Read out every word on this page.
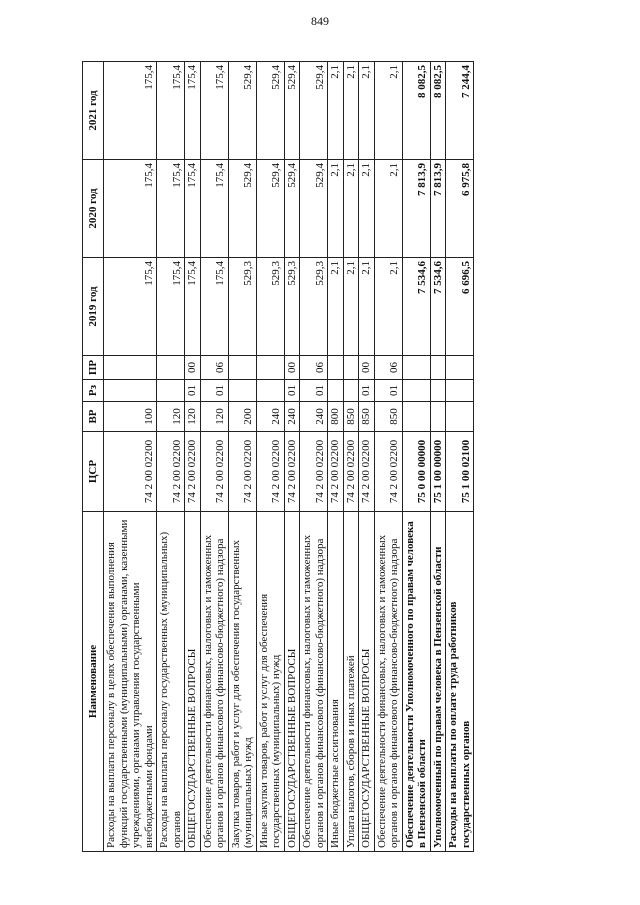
849
Наименование	ЦСР	ВР	Рз	ПР	2019 год	2020 год	2021 год
Расходы на выплаты персоналу в целях обеспечения выполнения функций государственными (муниципальными) органами, казенными учреждениями, органами управления государственными внебюджетными фондами	74 2 00 02200	100			175,4	175,4	175,4
Расходы на выплаты персоналу государственных (муниципальных) органов	74 2 00 02200	120			175,4	175,4	175,4
ОБЩЕГОСУДАРСТВЕННЫЕ ВОПРОСЫ	74 2 00 02200	120	01	00	175,4	175,4	175,4
Обеспечение деятельности финансовых, налоговых и таможенных органов и органов финансового (финансово-бюджетного) надзора	74 2 00 02200	120	01	06	175,4	175,4	175,4
Закупка товаров, работ и услуг для обеспечения государственных (муниципальных) нужд	74 2 00 02200	200			529,3	529,4	529,4
Иные закупки товаров, работ и услуг для обеспечения государственных (муниципальных) нужд	74 2 00 02200	240			529,3	529,4	529,4
ОБЩЕГОСУДАРСТВЕННЫЕ ВОПРОСЫ	74 2 00 02200	240	01	00	529,3	529,4	529,4
Обеспечение деятельности финансовых, налоговых и таможенных органов и органов финансового (финансово-бюджетного) надзора	74 2 00 02200	240	01	06	529,3	529,4	529,4
Иные бюджетные ассигнования	74 2 00 02200	800			2,1	2,1	2,1
Уплата налогов, сборов и иных платежей	74 2 00 02200	850			2,1	2,1	2,1
ОБЩЕГОСУДАРСТВЕННЫЕ ВОПРОСЫ	74 2 00 02200	850	01	00	2,1	2,1	2,1
Обеспечение деятельности финансовых, налоговых и таможенных органов и органов финансового (финансово-бюджетного) надзора	74 2 00 02200	850	01	06	2,1	2,1	2,1
Обеспечение деятельности Уполномоченного по правам человека в Пензенской области	75 0 00 00000				7 534,6	7 813,9	8 082,5
Уполномоченный по правам человека в Пензенской области	75 1 00 00000				7 534,6	7 813,9	8 082,5
Расходы на выплаты по оплате труда работников государственных органов	75 1 00 02100				6 696,5	6 975,8	7 244,4
